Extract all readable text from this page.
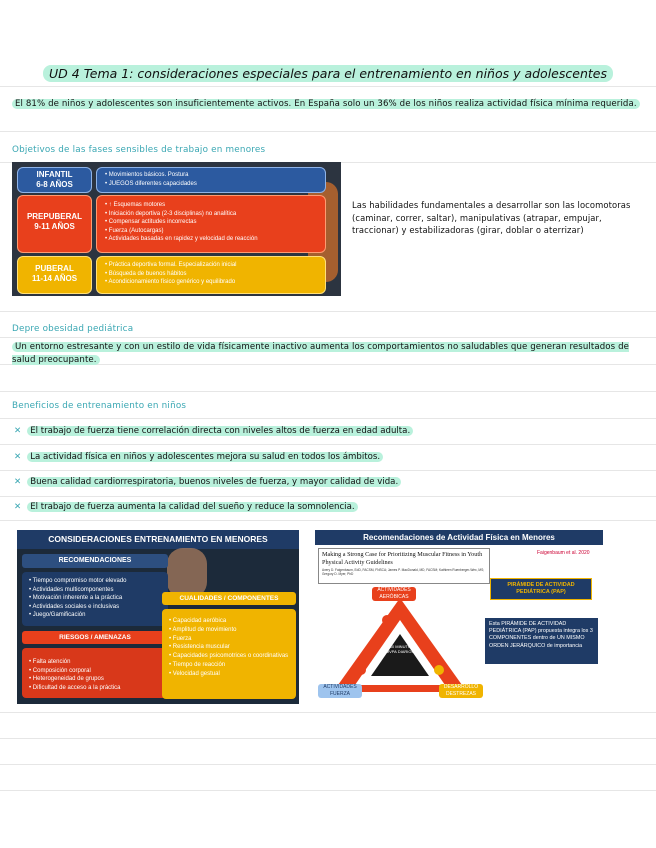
UD 4 Tema 1: consideraciones especiales para el entrenamiento en niños y adolescentes
El 81% de niños y adolescentes son insuficientemente activos. En España solo un 36% de los niños realiza actividad física mínima requerida.
Objetivos de las fases sensibles de trabajo en menores
INFANTIL
6-8 AÑOS
• Movimientos básicos. Postura
• JUEGOS diferentes capacidades
PREPUBERAL
9-11 AÑOS
• ↑ Esquemas motores
• Iniciación deportiva (2-3 disciplinas) no analítica
• Compensar actitudes incorrectas
• Fuerza (Autocargas)
• Actividades basadas en rapidez y velocidad de reacción
PUBERAL
11-14 AÑOS
• Práctica deportiva formal. Especialización inicial
• Búsqueda de buenos hábitos
• Acondicionamiento físico genérico y equilibrado
Las habilidades fundamentales a desarrollar son las locomotoras (caminar, correr, saltar), manipulativas (atrapar, empujar, traccionar) y estabilizadoras (girar, doblar o aterrizar)
Depre obesidad pediátrica
Un entorno estresante y con un estilo de vida físicamente inactivo aumenta los comportamientos no saludables que generan resultados de salud preocupante.
Beneficios de entrenamiento en niños
✕ El trabajo de fuerza tiene correlación directa con niveles altos de fuerza en edad adulta.
✕ La actividad física en niños y adolescentes mejora su salud en todos los ámbitos.
✕ Buena calidad cardiorrespiratoria, buenos niveles de fuerza, y mayor calidad de vida.
✕ El trabajo de fuerza aumenta la calidad del sueño y reduce la somnolencia.
CONSIDERACIONES ENTRENAMIENTO EN MENORES
RECOMENDACIONES
• Tiempo compromiso motor elevado
• Actividades multicomponentes
• Motivación inherente a la práctica
• Actividades sociales e inclusivas
• Juego/Gamificación
RIESGOS / AMENAZAS
• Falta atención
• Composición corporal
• Heterogeneidad de grupos
• Dificultad de acceso a la práctica
CUALIDADES / COMPONENTES
• Capacidad aeróbica
• Amplitud de movimiento
• Fuerza
• Resistencia muscular
• Capacidades psicomotrices o coordinativas
• Tiempo de reacción
• Velocidad gestual
Recomendaciones de Actividad Física en Menores
Making a Strong Case for Prioritizing Muscular Fitness in Youth Physical Activity Guidelines
Avery D. Faigenbaum, EdD, FACSM, FNSCA; James P. MacDonald, MD, FACSM; Kathleen Ruenberger-Wex, MS; Gregory D. Myer, PhD
Faigenbaum et al. 2020
ACTIVIDADES AERÓBICAS
ACTIVIDADES FUERZA
DESARROLLO DESTREZAS
≥ 60 MINUTOS MVPA DIARIOS
PIRÁMIDE DE ACTIVIDAD PEDIÁTRICA (PAP)
Esta PIRÁMIDE DE ACTIVIDAD PEDIÁTRICA (PAP) propuesta integra los 3 COMPONENTES dentro de UN MISMO ORDEN JERÁRQUICO de importancia
